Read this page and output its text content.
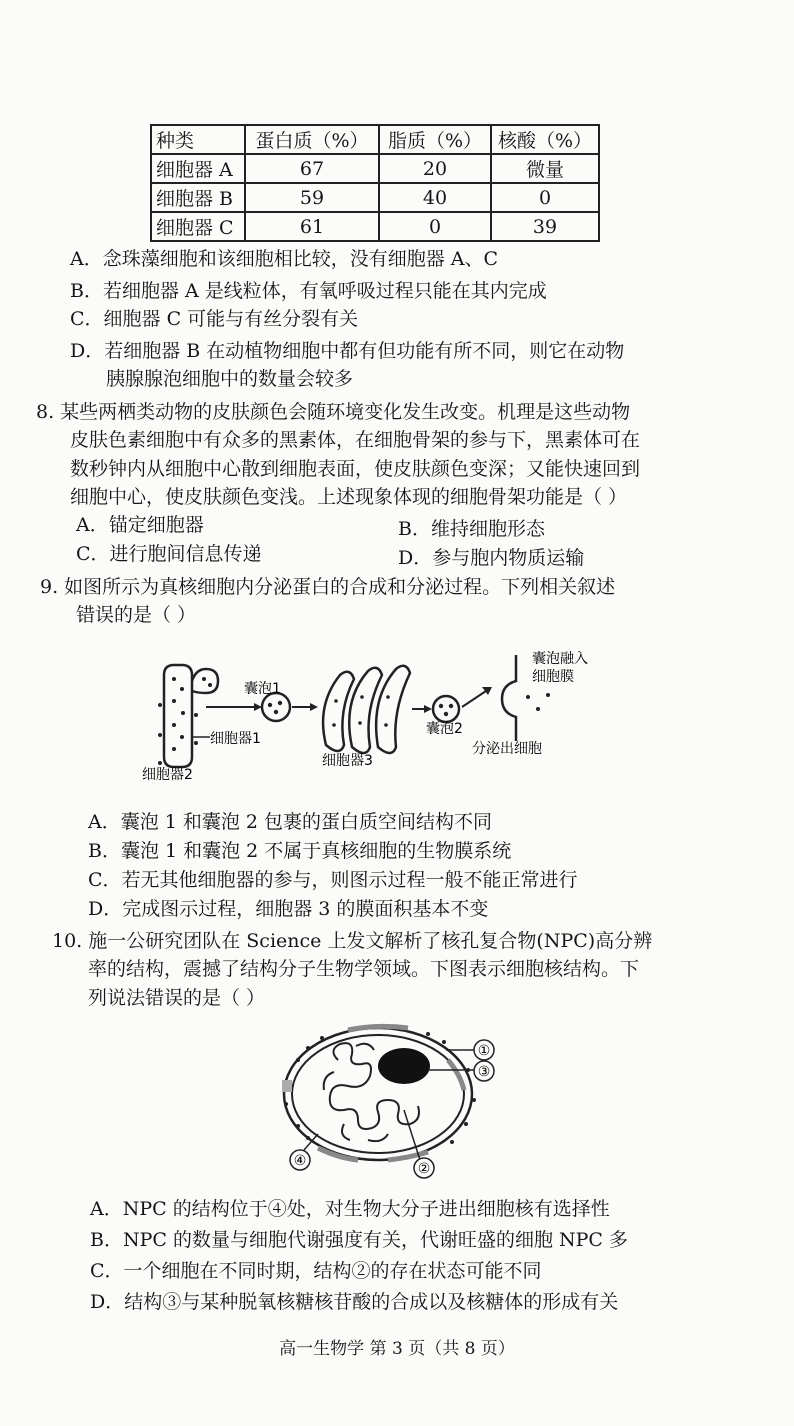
种类	蛋白质（%）	脂质（%）	核酸（%）
细胞器 A	67	20	微量
细胞器 B	59	40	0
细胞器 C	61	0	39
A．念珠藻细胞和该细胞相比较，没有细胞器 A、C
B．若细胞器 A 是线粒体，有氧呼吸过程只能在其内完成
C．细胞器 C 可能与有丝分裂有关
D．若细胞器 B 在动植物细胞中都有但功能有所不同，则它在动物
胰腺腺泡细胞中的数量会较多
8. 某些两栖类动物的皮肤颜色会随环境变化发生改变。机理是这些动物
皮肤色素细胞中有众多的黑素体，在细胞骨架的参与下，黑素体可在
数秒钟内从细胞中心散到细胞表面，使皮肤颜色变深；又能快速回到
细胞中心，使皮肤颜色变浅。上述现象体现的细胞骨架功能是（ ）
A．锚定细胞器	B．维持细胞形态
C．进行胞间信息传递	D．参与胞内物质运输
9. 如图所示为真核细胞内分泌蛋白的合成和分泌过程。下列相关叙述
错误的是（ ）
囊泡1
细胞器1
细胞器2
细胞器3
囊泡2
囊泡融入
细胞膜
分泌出细胞
A．囊泡 1 和囊泡 2 包裹的蛋白质空间结构不同
B．囊泡 1 和囊泡 2 不属于真核细胞的生物膜系统
C．若无其他细胞器的参与，则图示过程一般不能正常进行
D．完成图示过程，细胞器 3 的膜面积基本不变
10. 施一公研究团队在 Science 上发文解析了核孔复合物(NPC)高分辨
率的结构，震撼了结构分子生物学领域。下图表示细胞核结构。下
列说法错误的是（ ）
①
③
②
④
A．NPC 的结构位于④处，对生物大分子进出细胞核有选择性
B．NPC 的数量与细胞代谢强度有关，代谢旺盛的细胞 NPC 多
C．一个细胞在不同时期，结构②的存在状态可能不同
D．结构③与某种脱氧核糖核苷酸的合成以及核糖体的形成有关
高一生物学 第 3 页（共 8 页）
